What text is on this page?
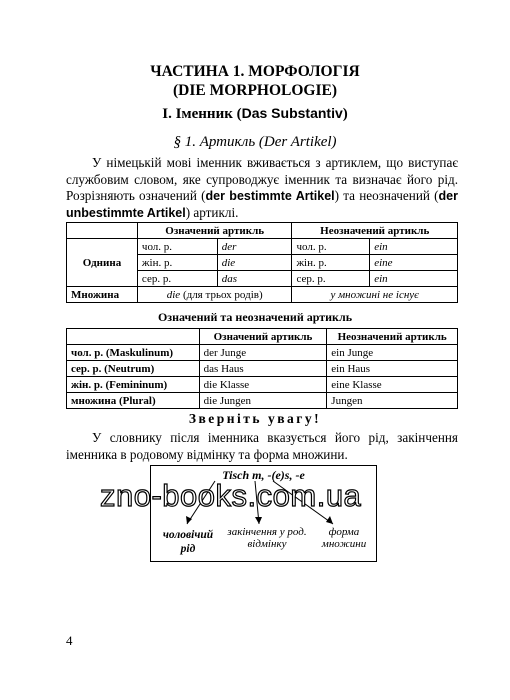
ЧАСТИНА 1. МОРФОЛОГІЯ
(DIE MORPHOLOGIE)
I. Іменник (Das Substantiv)
§ 1. Артикль (Der Artikel)
У німецькій мові іменник вживається з артиклем, що виступає службовим словом, яке супроводжує іменник та визначає його рід. Розрізняють означений (der bestimmte Artikel) та неозначений (der unbestimmte Artikel) артиклі.
	Означений артикль		Неозначений артикль	
Однина	чол. р.	der	чол. р.	ein
	жін. р.	die	жін. р.	eine
	сер. р.	das	сер. р.	ein
Множина	die (для трьох родів)		у множині не існує	
Означений та неозначений артикль
	Означений артикль	Неозначений артикль
чол. р. (Maskulinum)	der Junge	ein Junge
сер. р. (Neutrum)	das Haus	ein Haus
жін. р. (Femininum)	die Klasse	eine Klasse
множина (Plural)	die Jungen	Jungen
Зверніть увагу!
У словнику після іменника вказується його рід, закінчення іменника в родовому відмінку та форма множини.
Tisch m, -(e)s, -e
чоловічий
рід
закінчення у род.
відмінку
форма
множини
zno-books.com.ua
4
